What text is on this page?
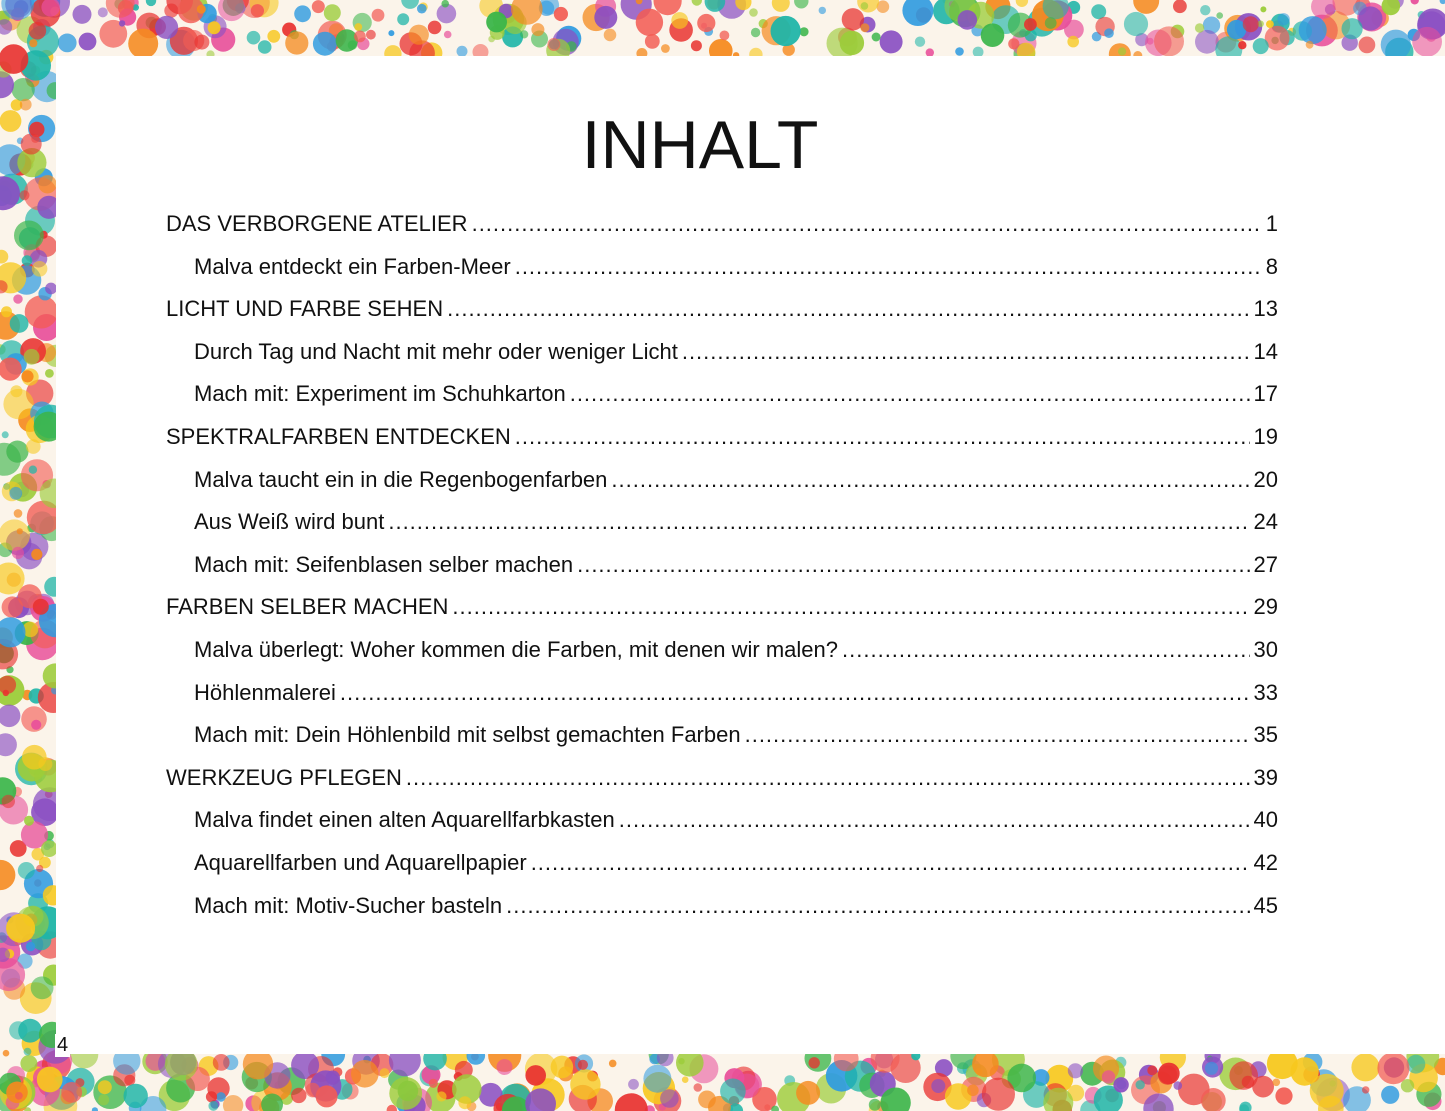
INHALT
DAS VERBORGENE ATELIER .....	1
Malva entdeckt ein Farben-Meer .....	8
LICHT UND FARBE SEHEN .....	13
Durch Tag und Nacht mit mehr oder weniger Licht .....	14
Mach mit: Experiment im Schuhkarton .....	17
SPEKTRALFARBEN ENTDECKEN .....	19
Malva taucht ein in die Regenbogenfarben .....	20
Aus Weiß wird bunt .....	24
Mach mit: Seifenblasen selber machen .....	27
FARBEN SELBER MACHEN .....	29
Malva überlegt: Woher kommen die Farben, mit denen wir malen? .....	30
Höhlenmalerei .....	33
Mach mit: Dein Höhlenbild mit selbst gemachten Farben .....	35
WERKZEUG PFLEGEN .....	39
Malva findet einen alten Aquarellfarbkasten .....	40
Aquarellfarben und Aquarellpapier .....	42
Mach mit: Motiv-Sucher basteln .....	45
4
